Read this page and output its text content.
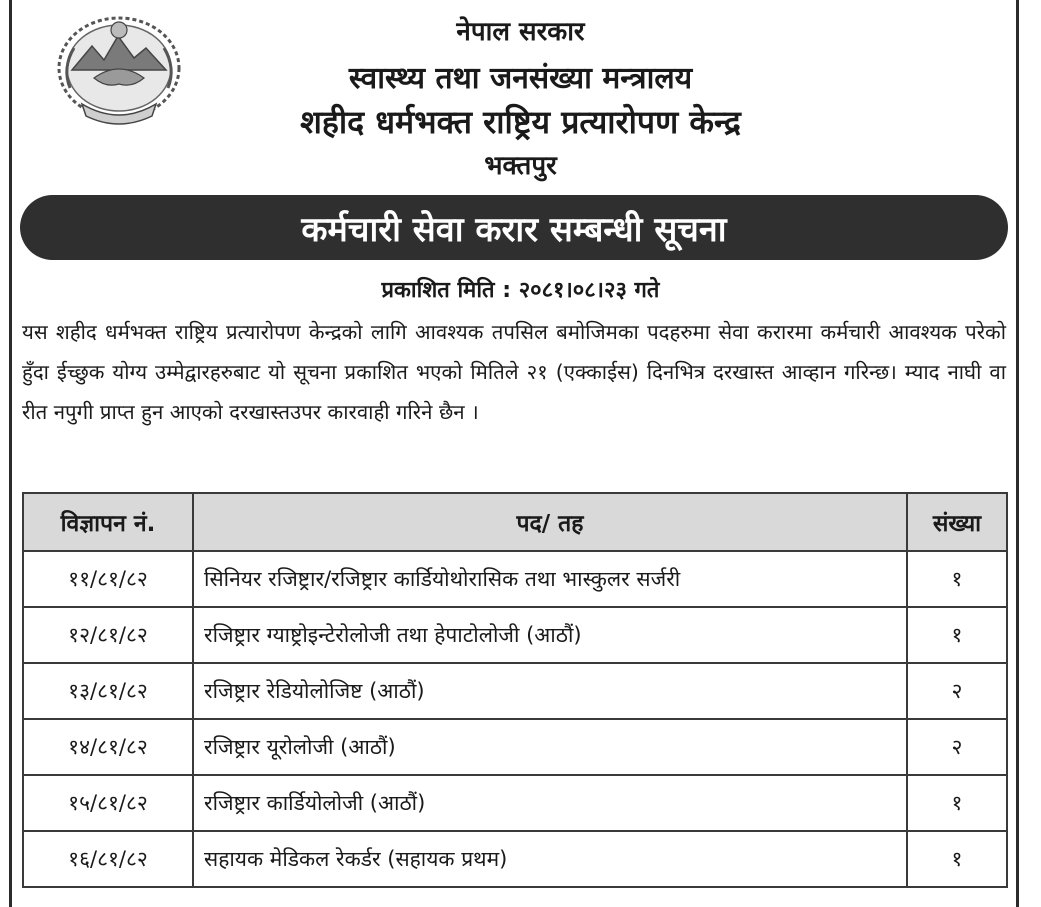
नेपाल सरकार
स्वास्थ्य तथा जनसंख्या मन्त्रालय
शहीद धर्मभक्त राष्ट्रिय प्रत्यारोपण केन्द्र
भक्तपुर
कर्मचारी सेवा करार सम्बन्धी सूचना
प्रकाशित मिति : २०८१।०८।२३ गते
यस शहीद धर्मभक्त राष्ट्रिय प्रत्यारोपण केन्द्रको लागि आवश्यक तपसिल बमोजिमका पदहरुमा सेवा करारमा कर्मचारी आवश्यक परेको हुँदा ईच्छुक योग्य उम्मेद्वारहरुबाट यो सूचना प्रकाशित भएको मितिले २१ (एक्काईस) दिनभित्र दरखास्त आव्हान गरिन्छ। म्याद नाघी वा रीत नपुगी प्राप्त हुन आएको दरखास्तउपर कारवाही गरिने छैन ।
विज्ञापन नं.	पद/ तह	संख्या
११/८१/८२	सिनियर रजिष्ट्रार/रजिष्ट्रार कार्डियोथोरासिक तथा भास्कुलर सर्जरी	१
१२/८१/८२	रजिष्ट्रार ग्याष्ट्रोइन्टेरोलोजी तथा हेपाटोलोजी (आठौं)	१
१३/८१/८२	रजिष्ट्रार रेडियोलोजिष्ट (आठौं)	२
१४/८१/८२	रजिष्ट्रार यूरोलोजी (आठौं)	२
१५/८१/८२	रजिष्ट्रार कार्डियोलोजी (आठौं)	१
१६/८१/८२	सहायक मेडिकल रेकर्डर (सहायक प्रथम)	१
